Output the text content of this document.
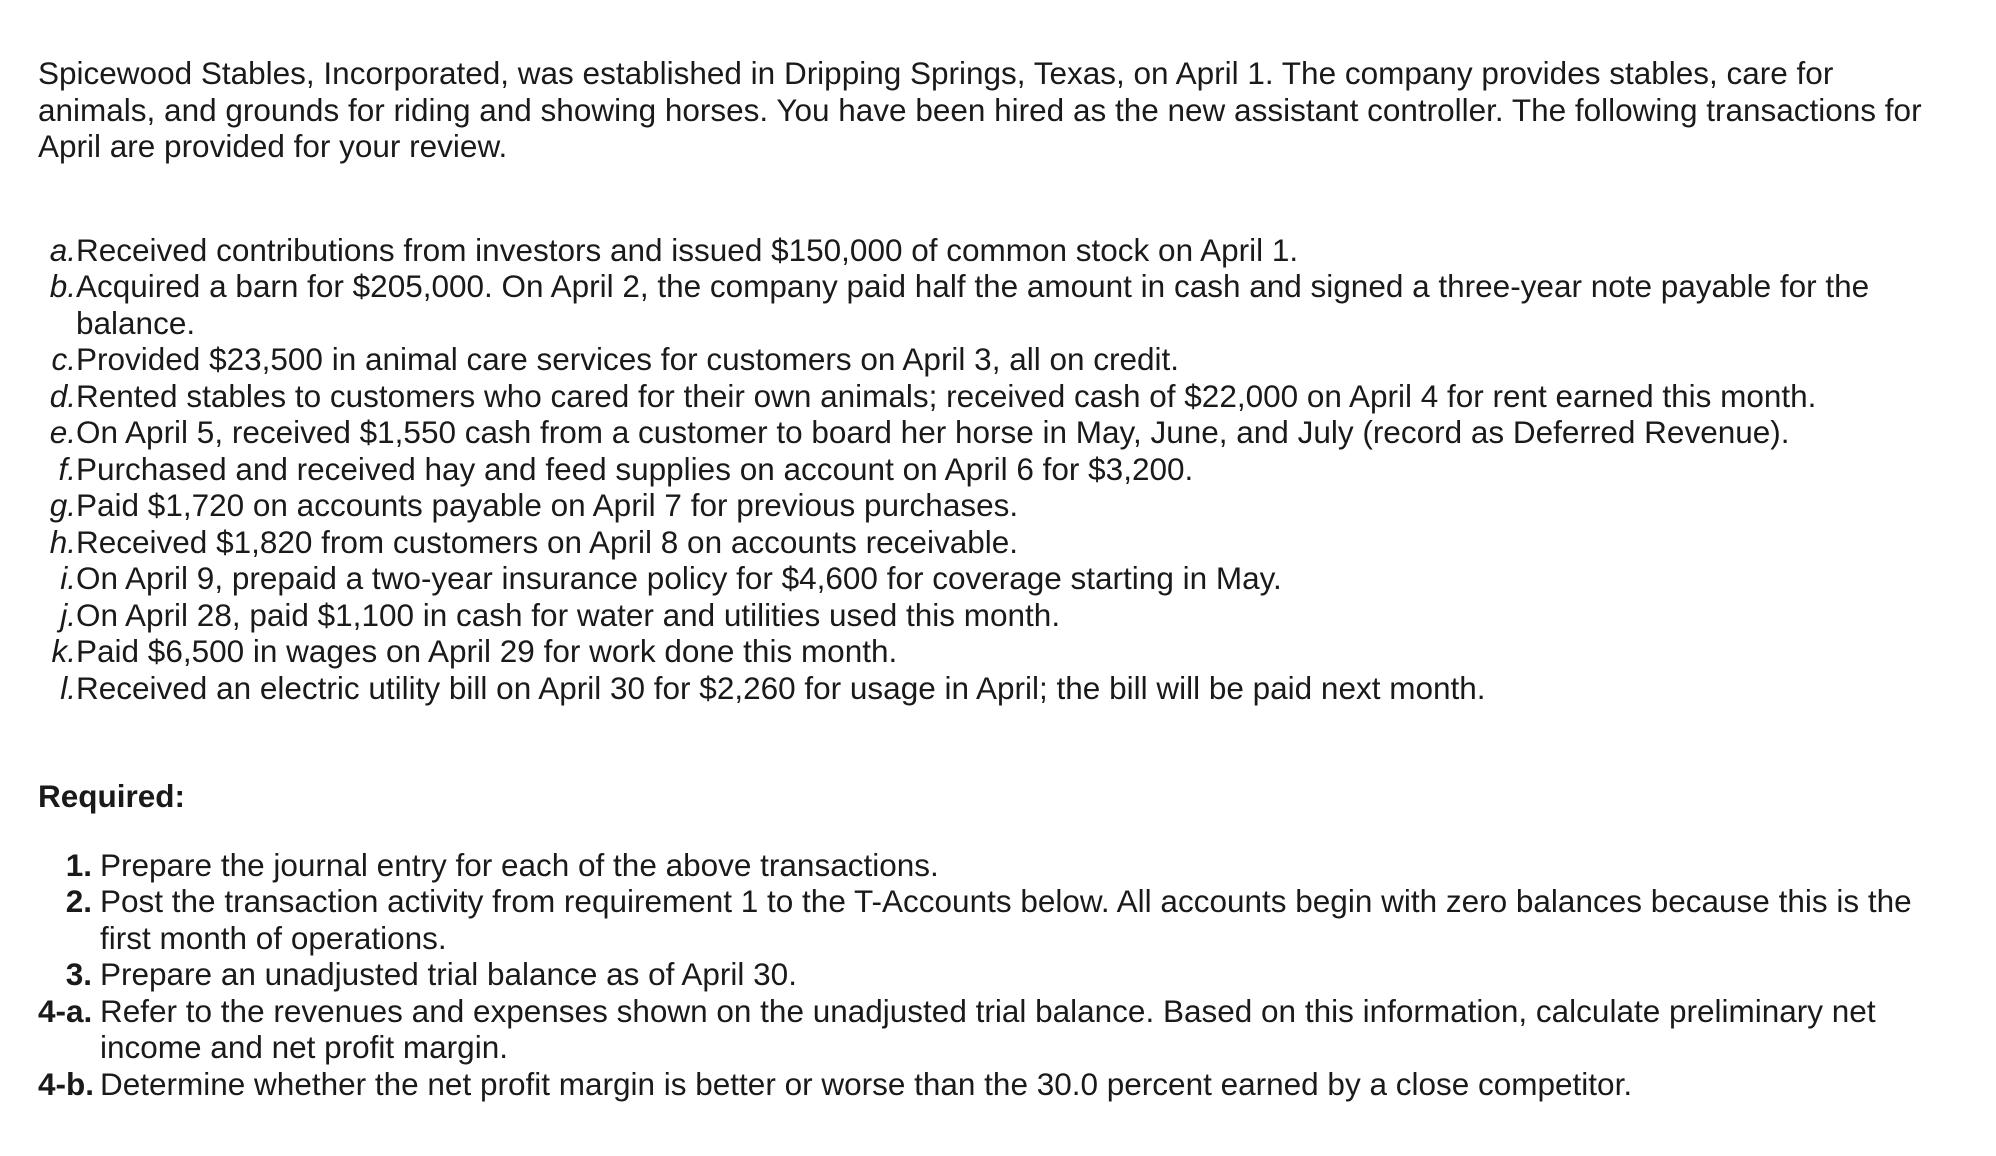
Spicewood Stables, Incorporated, was established in Dripping Springs, Texas, on April 1. The company provides stables, care for animals, and grounds for riding and showing horses. You have been hired as the new assistant controller. The following transactions for April are provided for your review.

a. Received contributions from investors and issued $150,000 of common stock on April 1.
b. Acquired a barn for $205,000. On April 2, the company paid half the amount in cash and signed a three-year note payable for the balance.
c. Provided $23,500 in animal care services for customers on April 3, all on credit.
d. Rented stables to customers who cared for their own animals; received cash of $22,000 on April 4 for rent earned this month.
e. On April 5, received $1,550 cash from a customer to board her horse in May, June, and July (record as Deferred Revenue).
f. Purchased and received hay and feed supplies on account on April 6 for $3,200.
g. Paid $1,720 on accounts payable on April 7 for previous purchases.
h. Received $1,820 from customers on April 8 on accounts receivable.
i. On April 9, prepaid a two-year insurance policy for $4,600 for coverage starting in May.
j. On April 28, paid $1,100 in cash for water and utilities used this month.
k. Paid $6,500 in wages on April 29 for work done this month.
l. Received an electric utility bill on April 30 for $2,260 for usage in April; the bill will be paid next month.

Required:

1. Prepare the journal entry for each of the above transactions.
2. Post the transaction activity from requirement 1 to the T-Accounts below. All accounts begin with zero balances because this is the first month of operations.
3. Prepare an unadjusted trial balance as of April 30.
4-a. Refer to the revenues and expenses shown on the unadjusted trial balance. Based on this information, calculate preliminary net income and net profit margin.
4-b. Determine whether the net profit margin is better or worse than the 30.0 percent earned by a close competitor.
